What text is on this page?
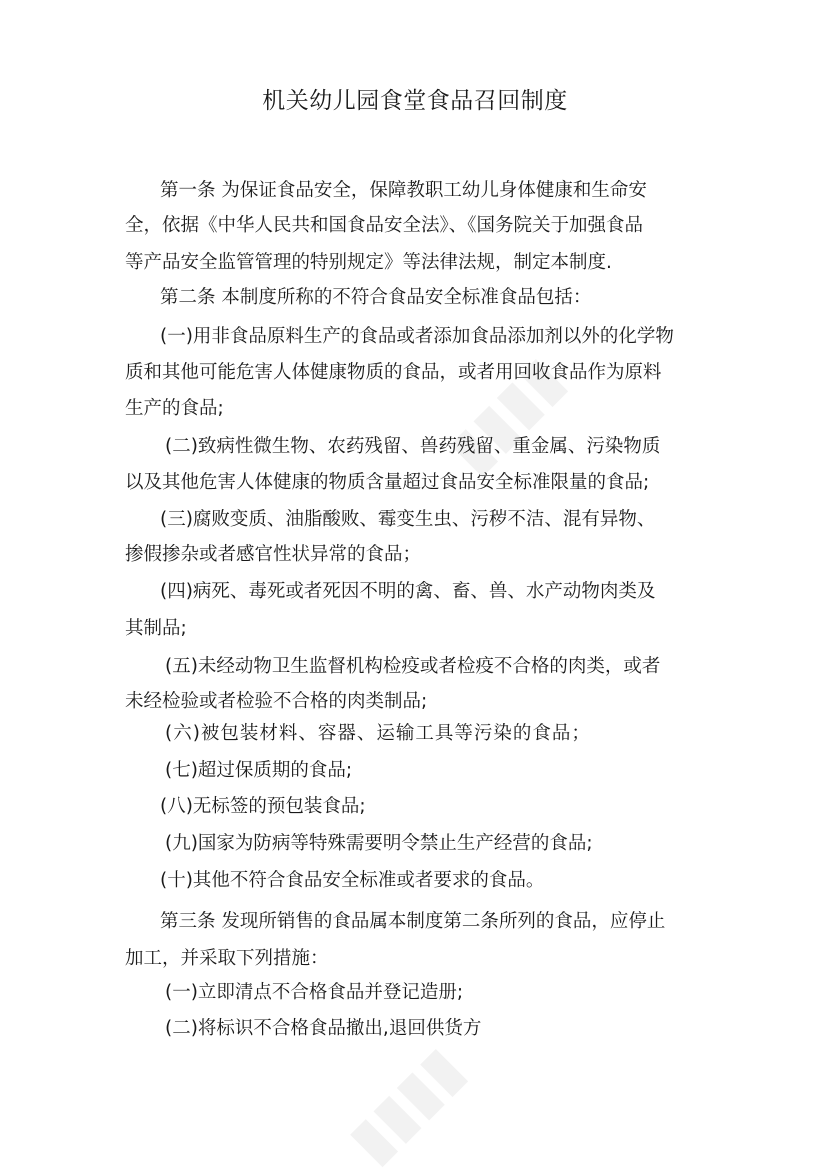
机关幼儿园食堂食品召回制度
第一条 为保证食品安全，保障教职工幼儿身体健康和生命安
全，依据《中华人民共和国食品安全法》、《国务院关于加强食品
等产品安全监管管理的特别规定》等法律法规，制定本制度.
第二条 本制度所称的不符合食品安全标准食品包括：
(一)用非食品原料生产的食品或者添加食品添加剂以外的化学物
质和其他可能危害人体健康物质的食品，或者用回收食品作为原料
生产的食品;
(二)致病性微生物、农药残留、兽药残留、重金属、污染物质
以及其他危害人体健康的物质含量超过食品安全标准限量的食品;
(三)腐败变质、油脂酸败、霉变生虫、污秽不洁、混有异物、
掺假掺杂或者感官性状异常的食品；
(四)病死、毒死或者死因不明的禽、畜、兽、水产动物肉类及
其制品;
(五)未经动物卫生监督机构检疫或者检疫不合格的肉类，或者
未经检验或者检验不合格的肉类制品;
(六)被包装材料、容器、运输工具等污染的食品；
(七)超过保质期的食品;
(八)无标签的预包装食品;
(九)国家为防病等特殊需要明令禁止生产经营的食品;
(十)其他不符合食品安全标准或者要求的食品。
第三条 发现所销售的食品属本制度第二条所列的食品，应停止
加工，并采取下列措施：
(一)立即清点不合格食品并登记造册;
(二)将标识不合格食品撤出,退回供货方
▮▮▮▮
▮▮▮▮
